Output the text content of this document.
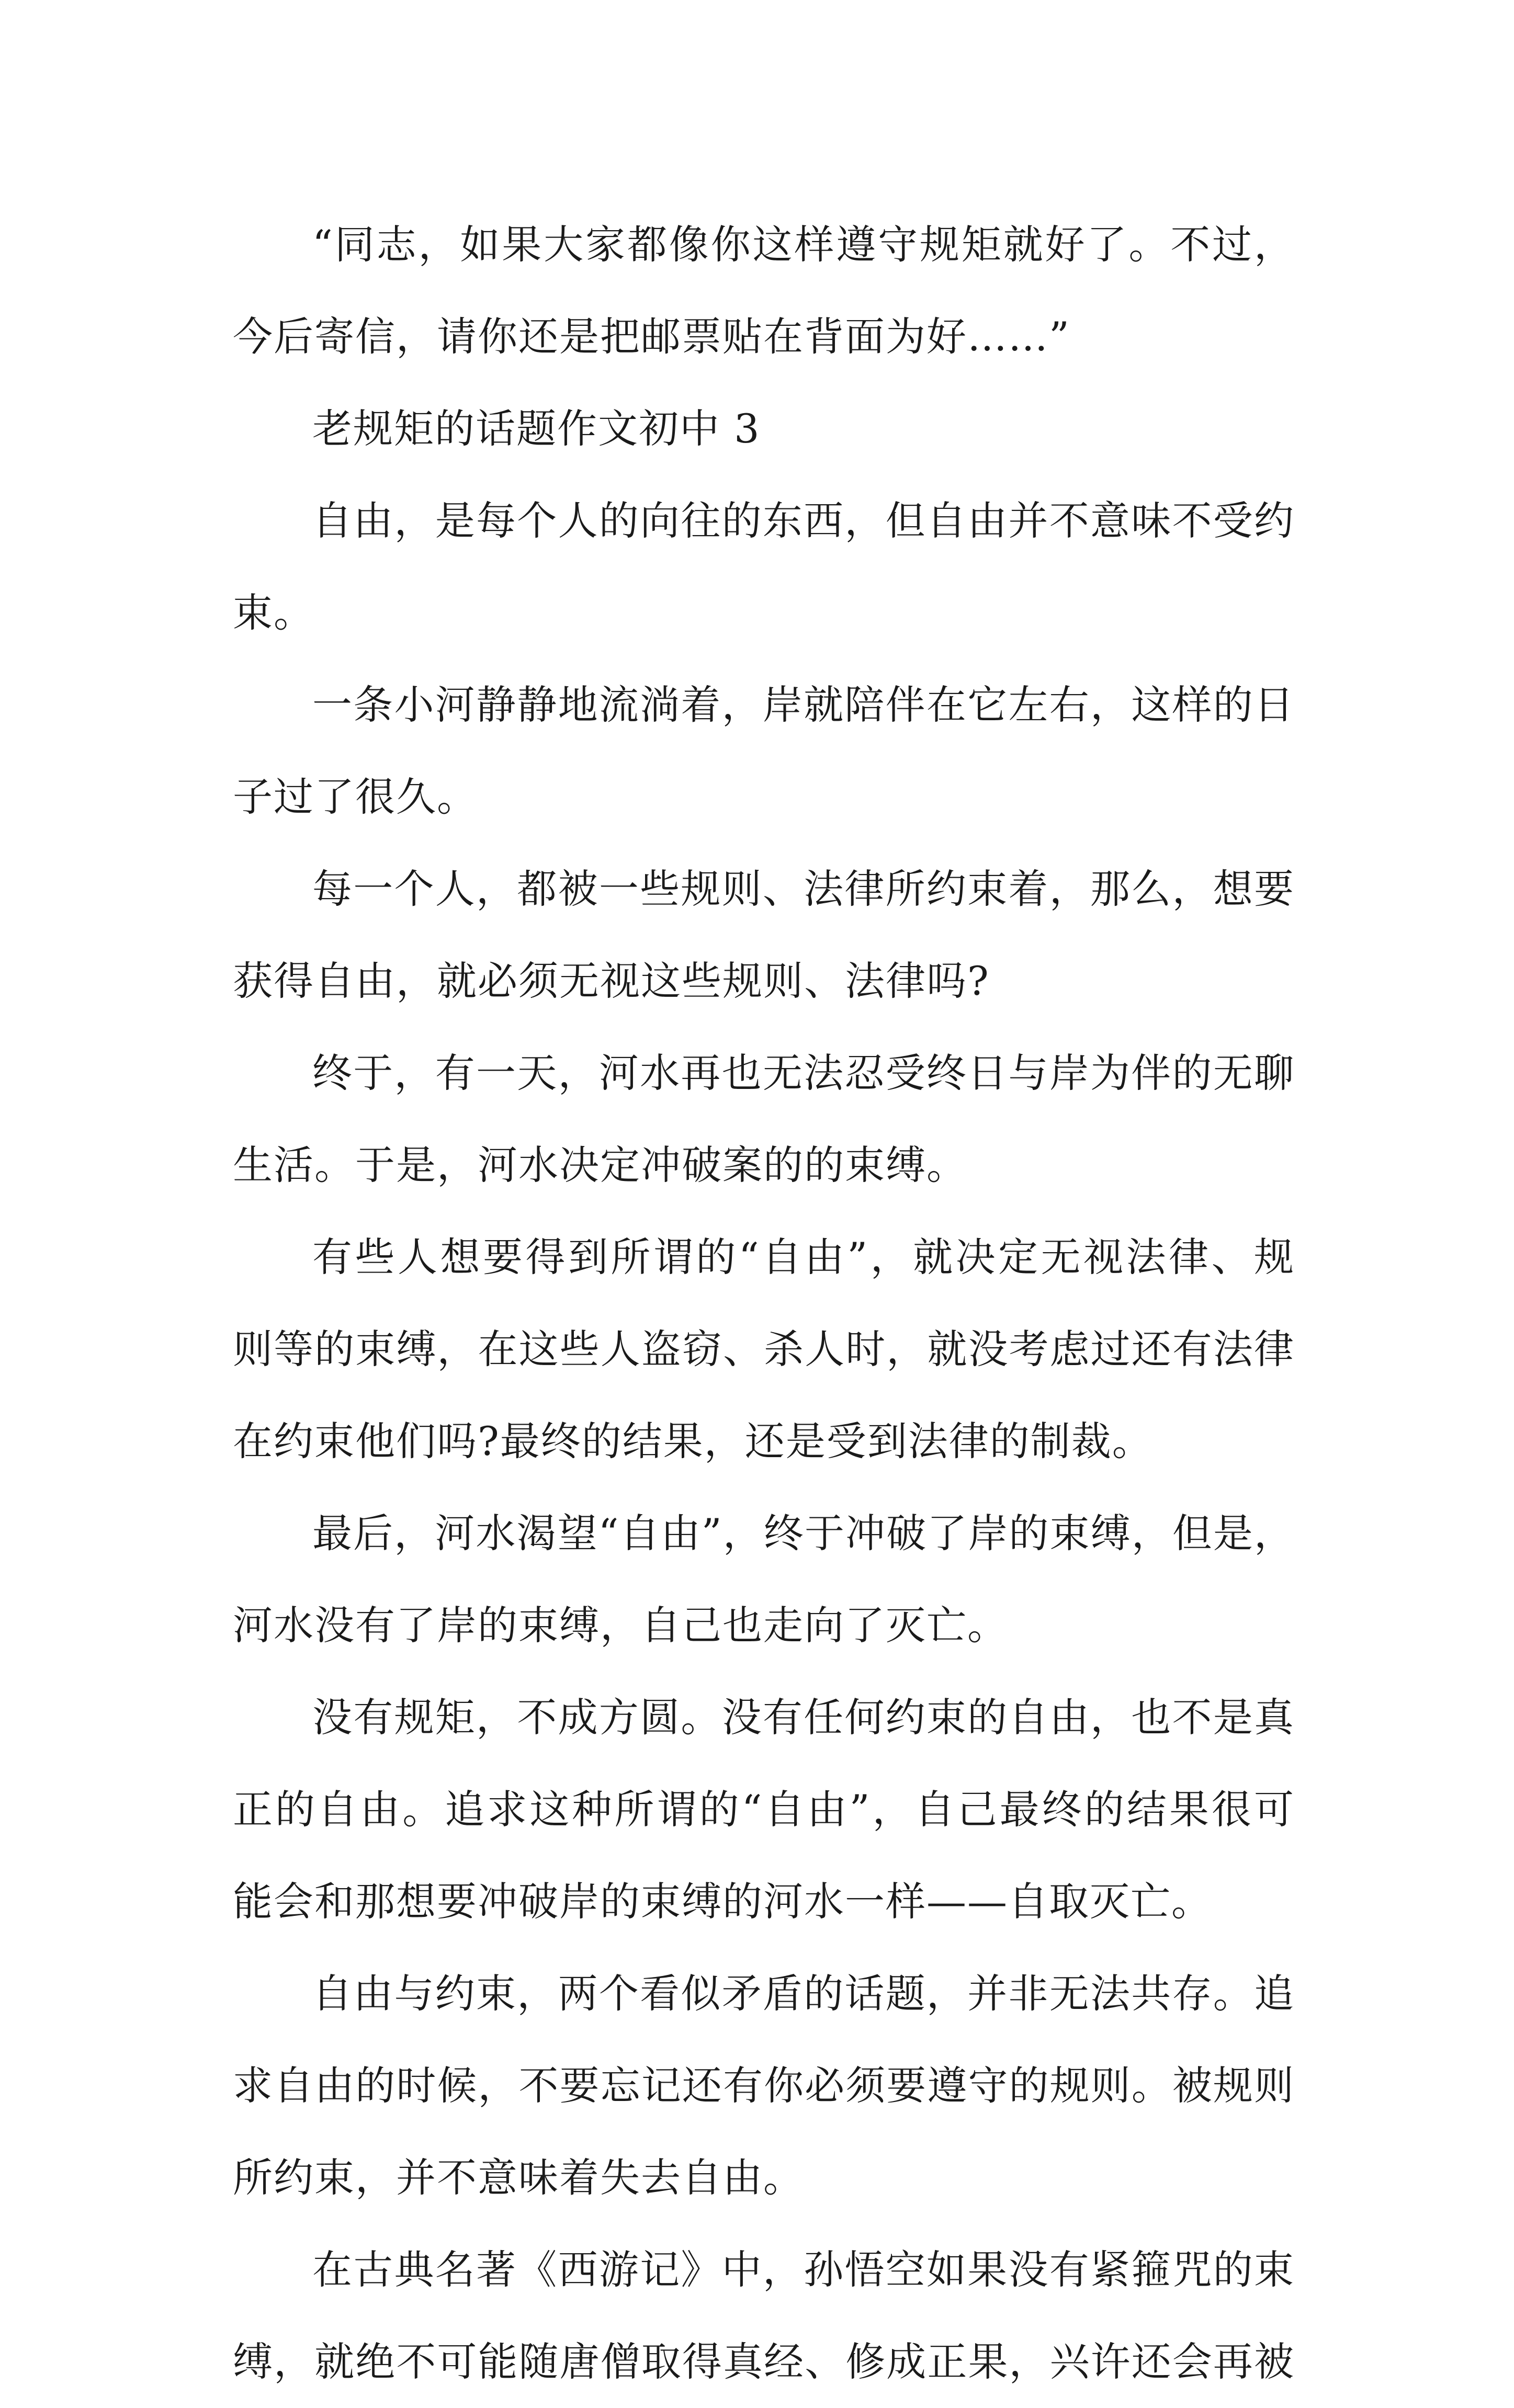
“同志，如果大家都像你这样遵守规矩就好了。不过，
今后寄信，请你还是把邮票贴在背面为好……”
老规矩的话题作文初中 3
自由，是每个人的向往的东西，但自由并不意味不受约
束。
一条小河静静地流淌着，岸就陪伴在它左右，这样的日
子过了很久。
每一个人，都被一些规则、法律所约束着，那么，想要
获得自由，就必须无视这些规则、法律吗?
终于，有一天，河水再也无法忍受终日与岸为伴的无聊
生活。于是，河水决定冲破案的的束缚。
有些人想要得到所谓的“自由”，就决定无视法律、规
则等的束缚，在这些人盗窃、杀人时，就没考虑过还有法律
在约束他们吗?最终的结果，还是受到法律的制裁。
最后，河水渴望“自由”，终于冲破了岸的束缚，但是，
河水没有了岸的束缚，自己也走向了灭亡。
没有规矩，不成方圆。没有任何约束的自由，也不是真
正的自由。追求这种所谓的“自由”，自己最终的结果很可
能会和那想要冲破岸的束缚的河水一样——自取灭亡。
自由与约束，两个看似矛盾的话题，并非无法共存。追
求自由的时候，不要忘记还有你必须要遵守的规则。被规则
所约束，并不意味着失去自由。
在古典名著《西游记》中，孙悟空如果没有紧箍咒的束
缚，就绝不可能随唐僧取得真经、修成正果，兴许还会再被
